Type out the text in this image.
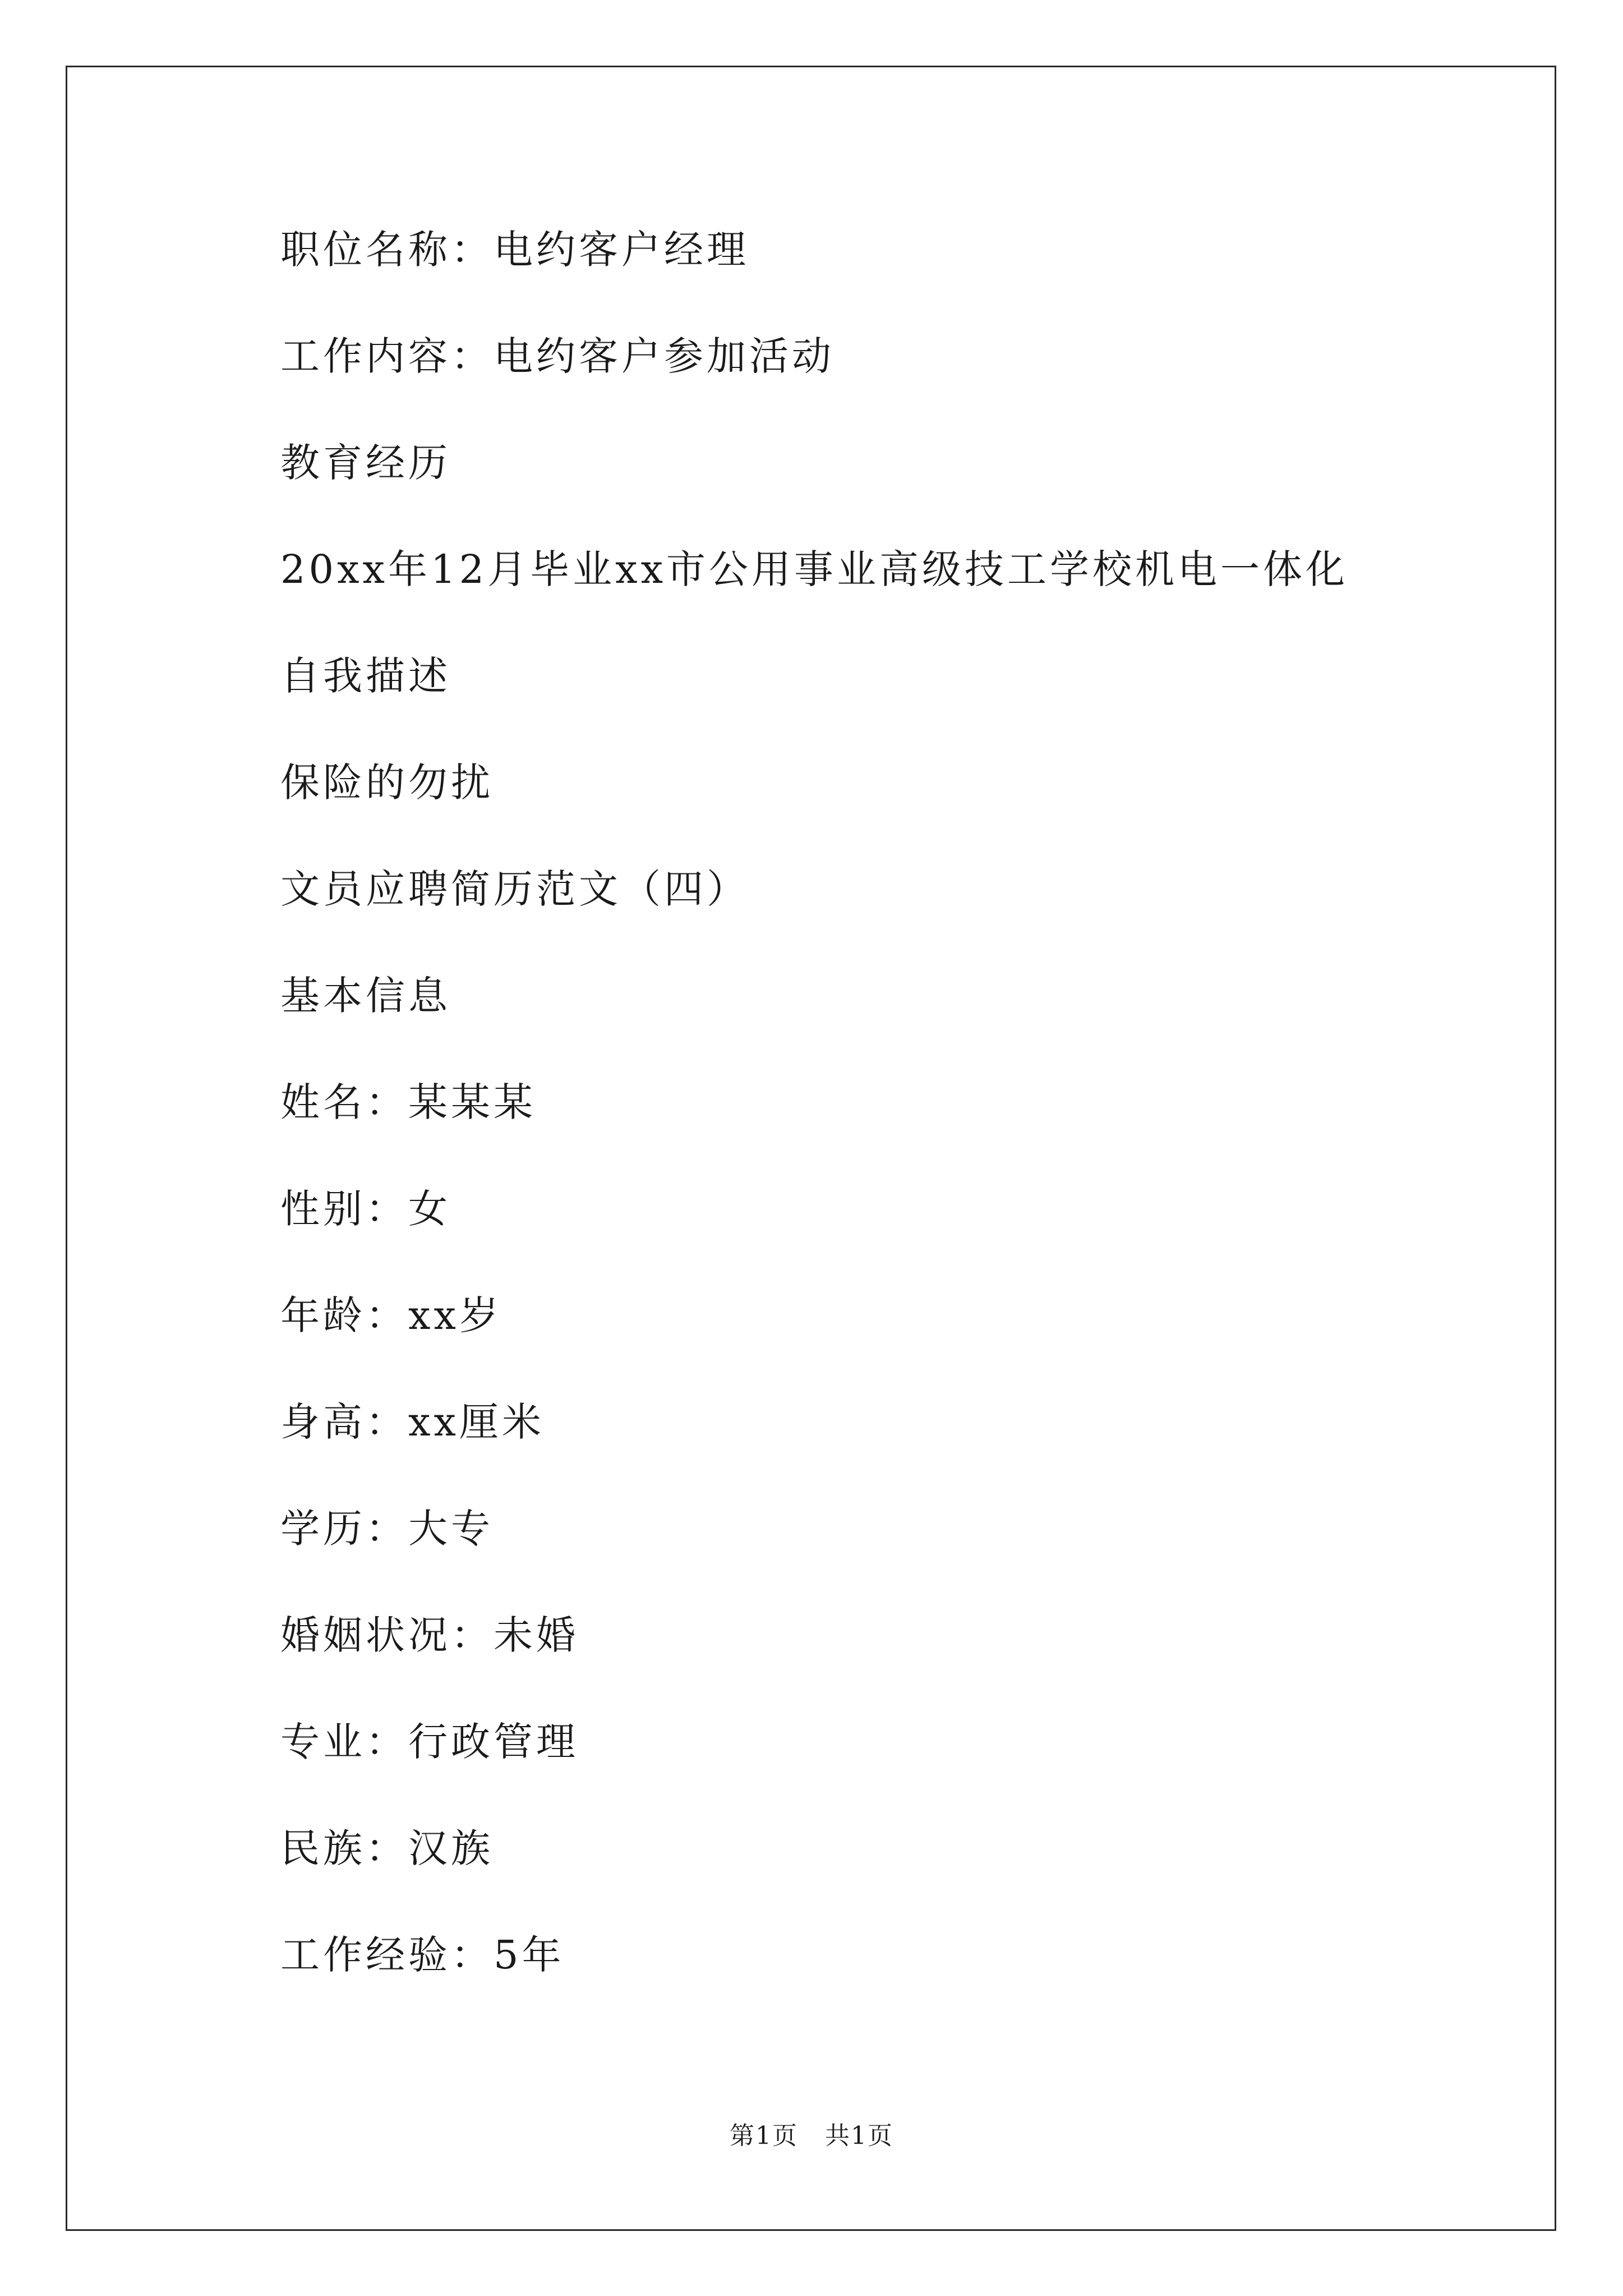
职位名称：电约客户经理
工作内容：电约客户参加活动
教育经历
20xx年12月毕业xx市公用事业高级技工学校机电一体化
自我描述
保险的勿扰
文员应聘简历范文（四）
基本信息
姓名：某某某
性别：女
年龄：xx岁
身高：xx厘米
学历：大专
婚姻状况：未婚
专业：行政管理
民族：汉族
工作经验：5年
第1页   共1页
